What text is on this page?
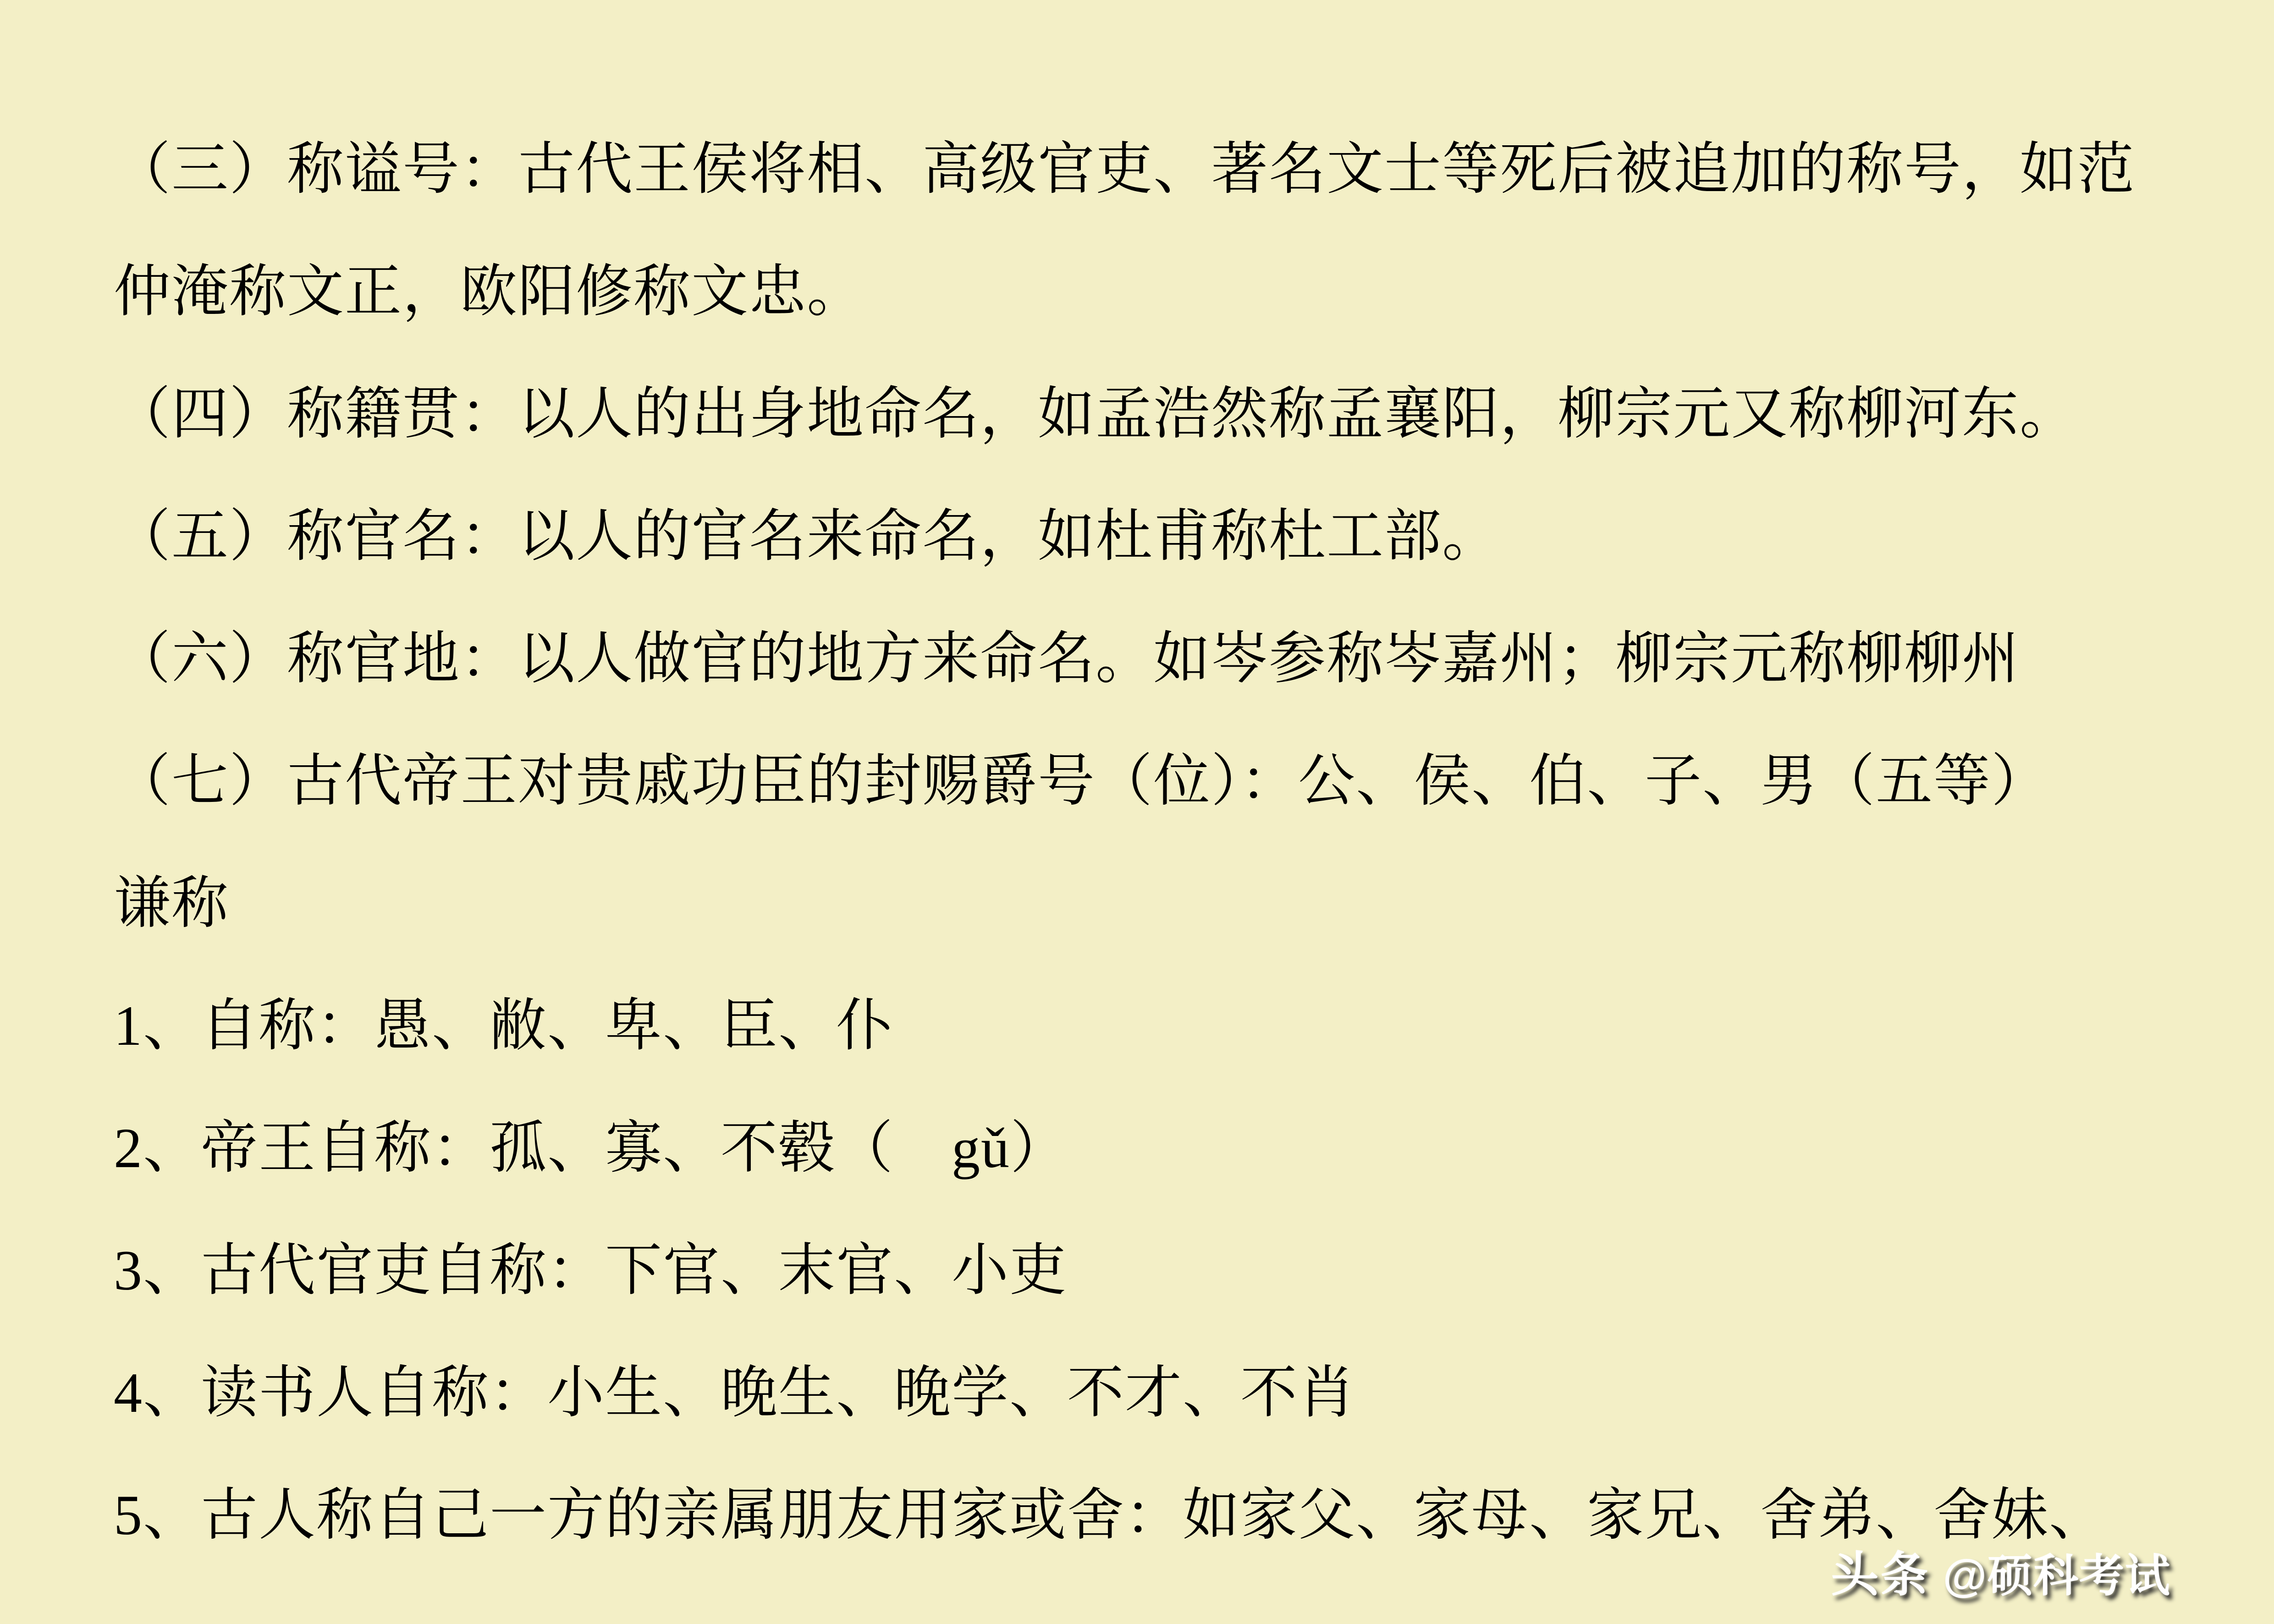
（三）称谥号：古代王侯将相、高级官吏、著名文士等死后被追加的称号，如范仲淹称文正，欧阳修称文忠。

（四）称籍贯：以人的出身地命名，如孟浩然称孟襄阳，柳宗元又称柳河东。

（五）称官名：以人的官名来命名，如杜甫称杜工部。

（六）称官地：以人做官的地方来命名。如岑参称岑嘉州；柳宗元称柳柳州

（七）古代帝王对贵戚功臣的封赐爵号（位）：公、侯、伯、子、男（五等）

谦称

1、自称：愚、敝、卑、臣、仆

2、帝王自称：孤、寡、不毂（　gǔ）

3、古代官吏自称：下官、末官、小吏

4、读书人自称：小生、晚生、晚学、不才、不肖

5、古人称自己一方的亲属朋友用家或舍：如家父、家母、家兄、舍弟、舍妹、

头条 @硕科考试
